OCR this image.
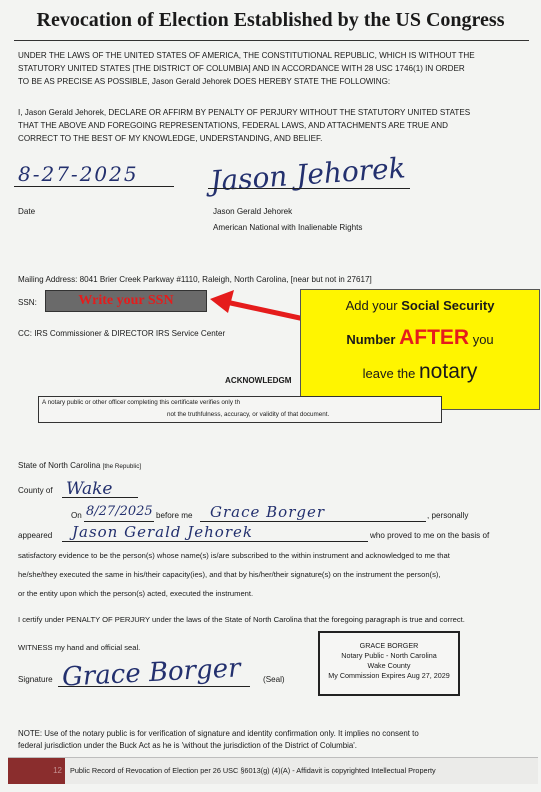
Revocation of Election Established by the US Congress
UNDER THE LAWS OF THE UNITED STATES OF AMERICA, THE CONSTITUTIONAL REPUBLIC, WHICH IS WITHOUT THE
STATUTORY UNITED STATES [THE DISTRICT OF COLUMBIA] AND IN ACCORDANCE WITH 28 USC 1746(1) IN ORDER
TO BE AS PRECISE AS POSSIBLE, Jason Gerald Jehorek DOES HEREBY STATE THE FOLLOWING:
I, Jason Gerald Jehorek, DECLARE OR AFFIRM BY PENALTY OF PERJURY WITHOUT THE STATUTORY UNITED STATES
THAT THE ABOVE AND FOREGOING REPRESENTATIONS, FEDERAL LAWS, AND ATTACHMENTS ARE TRUE AND
CORRECT TO THE BEST OF MY KNOWLEDGE, UNDERSTANDING, AND BELIEF.
8-27-2025
Date
Jason Jehorek
Jason Gerald Jehorek
American National with Inalienable Rights
Mailing Address: 8041 Brier Creek Parkway #1110, Raleigh, North Carolina, [near but not in 27617]
SSN:	Write your SSN
CC: IRS Commissioner & DIRECTOR IRS Service Center
ACKNOWLEDGM
Add your Social Security
Number AFTER you
leave the notary
A notary public or other officer completing this certificate verifies only th
not the truthfulness, accuracy, or validity of that document.
State of North Carolina [the Republic]
County of Wake
On 8/27/2025 before me Grace Borger	, personally
appeared Jason Gerald Jehorek	who proved to me on the basis of
satisfactory evidence to be the person(s) whose name(s) is/are subscribed to the within instrument and acknowledged to me that
he/she/they executed the same in his/their capacity(ies), and that by his/her/their signature(s) on the instrument the person(s),
or the entity upon which the person(s) acted, executed the instrument.
I certify under PENALTY OF PERJURY under the laws of the State of North Carolina that the foregoing paragraph is true and correct.
WITNESS my hand and official seal.
Signature Grace Borger	(Seal)
GRACE BORGER
Notary Public - North Carolina
Wake County
My Commission Expires Aug 27, 2029
NOTE: Use of the notary public is for verification of signature and identity confirmation only. It implies no consent to
federal jurisdiction under the Buck Act as he is 'without the jurisdiction of the District of Columbia'.
12	Public Record of Revocation of Election per 26 USC §6013(g) (4)(A) - Affidavit is copyrighted Intellectual Property
